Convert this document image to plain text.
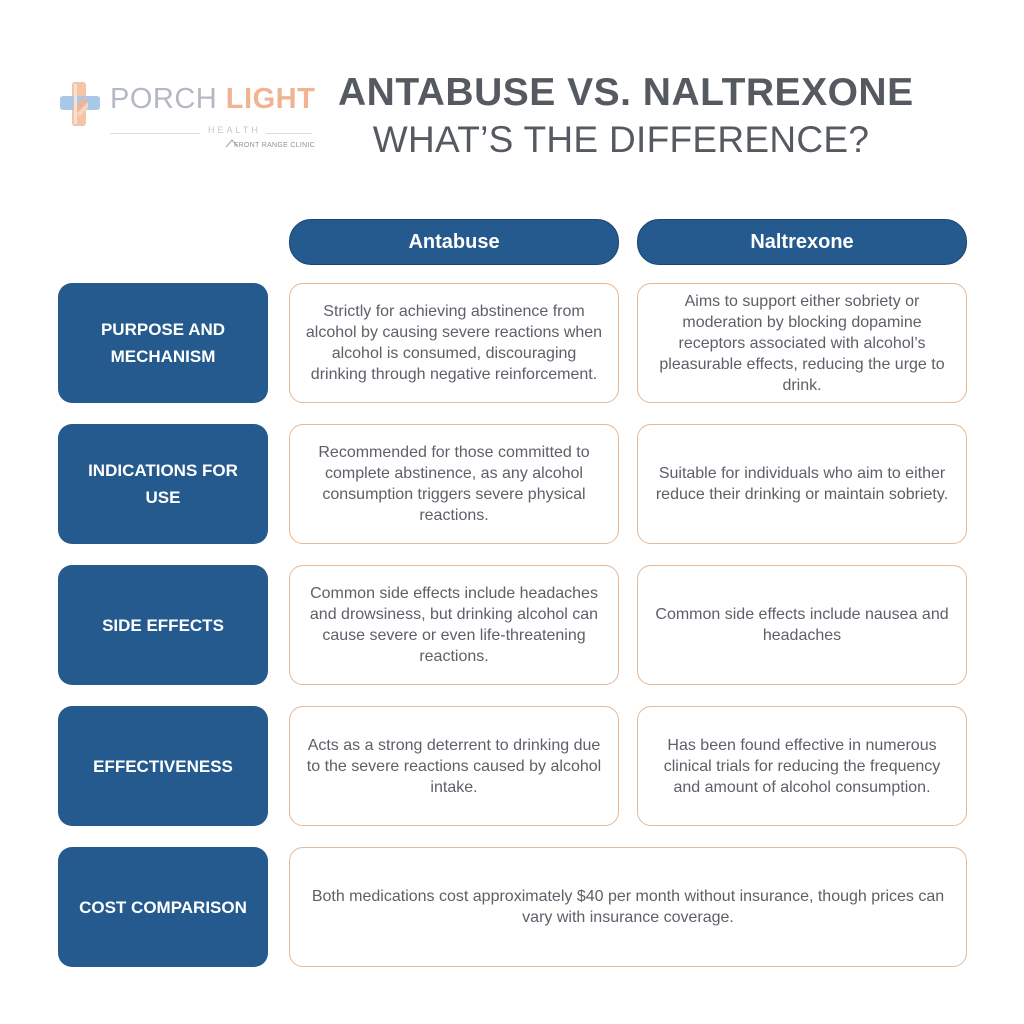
PORCH LIGHT
HEALTH
FRONT RANGE CLINIC
ANTABUSE VS. NALTREXONE
WHAT’S THE DIFFERENCE?
Antabuse	Naltrexone
PURPOSE AND MECHANISM
Strictly for achieving abstinence from alcohol by causing severe reactions when alcohol is consumed, discouraging drinking through negative reinforcement.
Aims to support either sobriety or moderation by blocking dopamine receptors associated with alcohol’s pleasurable effects, reducing the urge to drink.
INDICATIONS FOR USE
Recommended for those committed to complete abstinence, as any alcohol consumption triggers severe physical reactions.
Suitable for individuals who aim to either reduce their drinking or maintain sobriety.
SIDE EFFECTS
Common side effects include headaches and drowsiness, but drinking alcohol can cause severe or even life-threatening reactions.
Common side effects include nausea and headaches
EFFECTIVENESS
Acts as a strong deterrent to drinking due to the severe reactions caused by alcohol intake.
Has been found effective in numerous clinical trials for reducing the frequency and amount of alcohol consumption.
COST COMPARISON
Both medications cost approximately $40 per month without insurance, though prices can vary with insurance coverage.
